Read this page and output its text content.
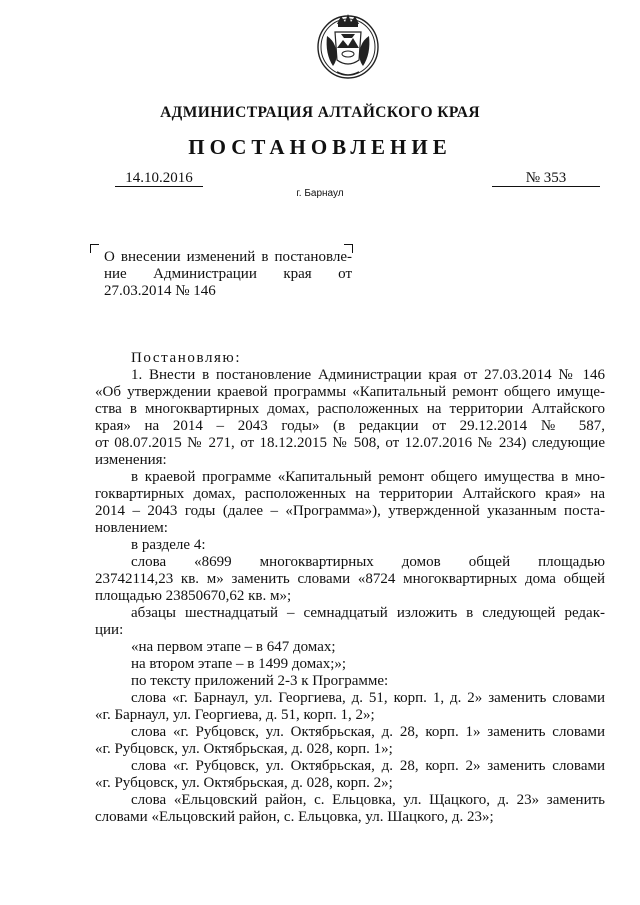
АДМИНИСТРАЦИЯ АЛТАЙСКОГО КРАЯ
ПОСТАНОВЛЕНИЕ
14.10.2016	№ 353
г. Барнаул
О внесении изменений в постановле-
ние Администрации края от
27.03.2014 № 146

Постановляю:

1. Внести в постановление Администрации края от 27.03.2014 № 146

«Об утверждении краевой программы «Капитальный ремонт общего имуще-

ства в многоквартирных домах, расположенных на территории Алтайского

края» на 2014 – 2043 годы» (в редакции от 29.12.2014 № 587,

от 08.07.2015 № 271, от 18.12.2015 № 508, от 12.07.2016 № 234) следующие

изменения:

в краевой программе «Капитальный ремонт общего имущества в мно-

гоквартирных домах, расположенных на территории Алтайского края» на

2014 – 2043 годы (далее – «Программа»), утвержденной указанным поста-

новлением:

в разделе 4:

слова «8699 многоквартирных домов общей площадью

23742114,23 кв. м» заменить словами «8724 многоквартирных дома общей

площадью 23850670,62 кв. м»;

абзацы шестнадцатый – семнадцатый изложить в следующей редак-

ции:

«на первом этапе – в 647 домах;

на втором этапе – в 1499 домах;»;

по тексту приложений 2-3 к Программе:

слова «г. Барнаул, ул. Георгиева, д. 51, корп. 1, д. 2» заменить словами

«г. Барнаул, ул. Георгиева, д. 51, корп. 1, 2»;

слова «г. Рубцовск, ул. Октябрьская, д. 28, корп. 1» заменить словами

«г. Рубцовск, ул. Октябрьская, д. 028, корп. 1»;

слова «г. Рубцовск, ул. Октябрьская, д. 28, корп. 2» заменить словами

«г. Рубцовск, ул. Октябрьская, д. 028, корп. 2»;

слова «Ельцовский район, с. Ельцовка, ул. Щацкого, д. 23» заменить

словами «Ельцовский район, с. Ельцовка, ул. Шацкого, д. 23»;
